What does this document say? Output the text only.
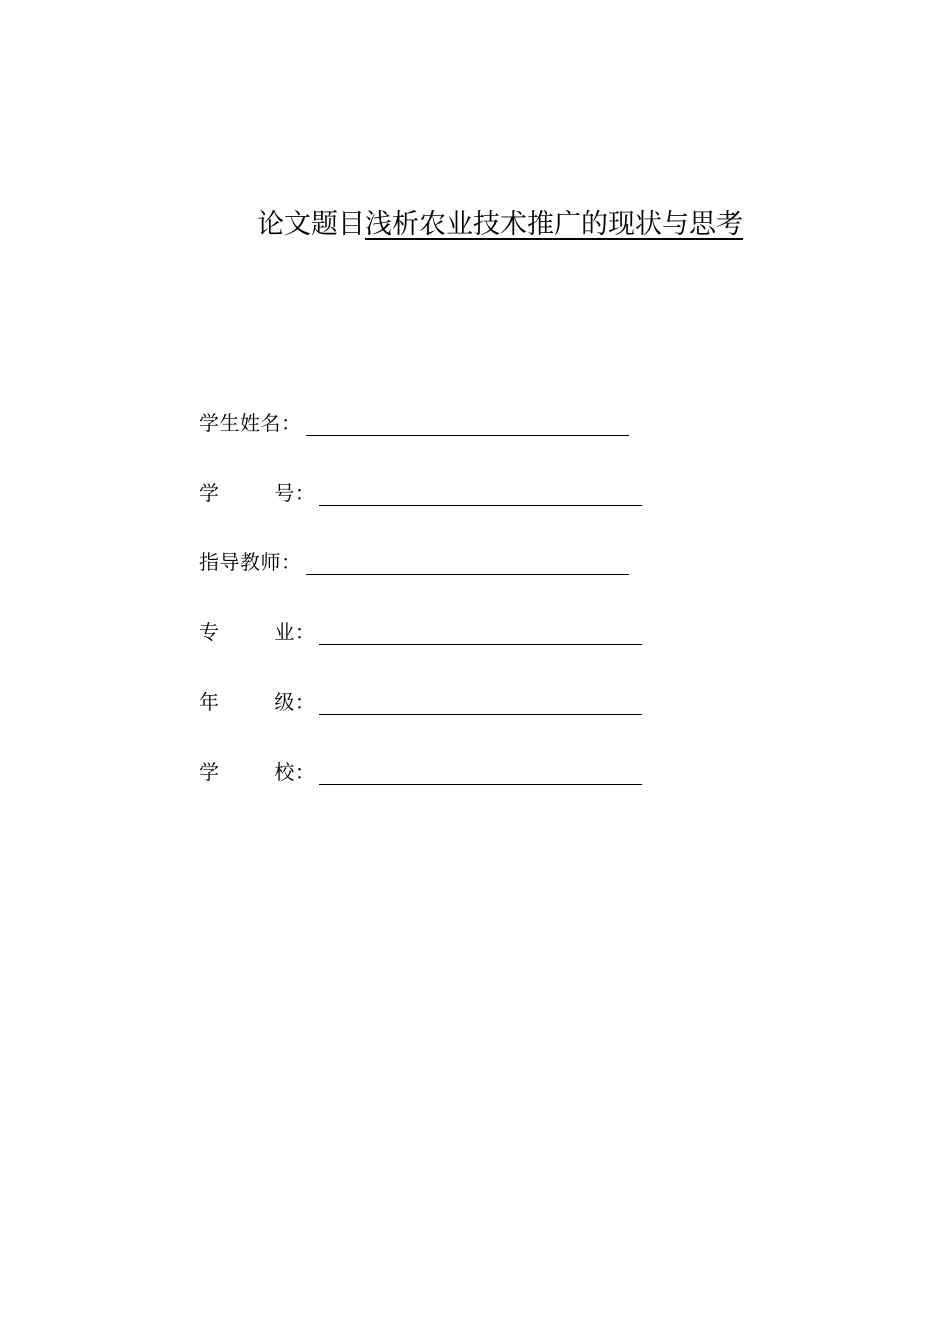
论文题目浅析农业技术推广的现状与思考
学生姓名：
学        号：
指导教师：
专        业：
年        级：
学        校：
